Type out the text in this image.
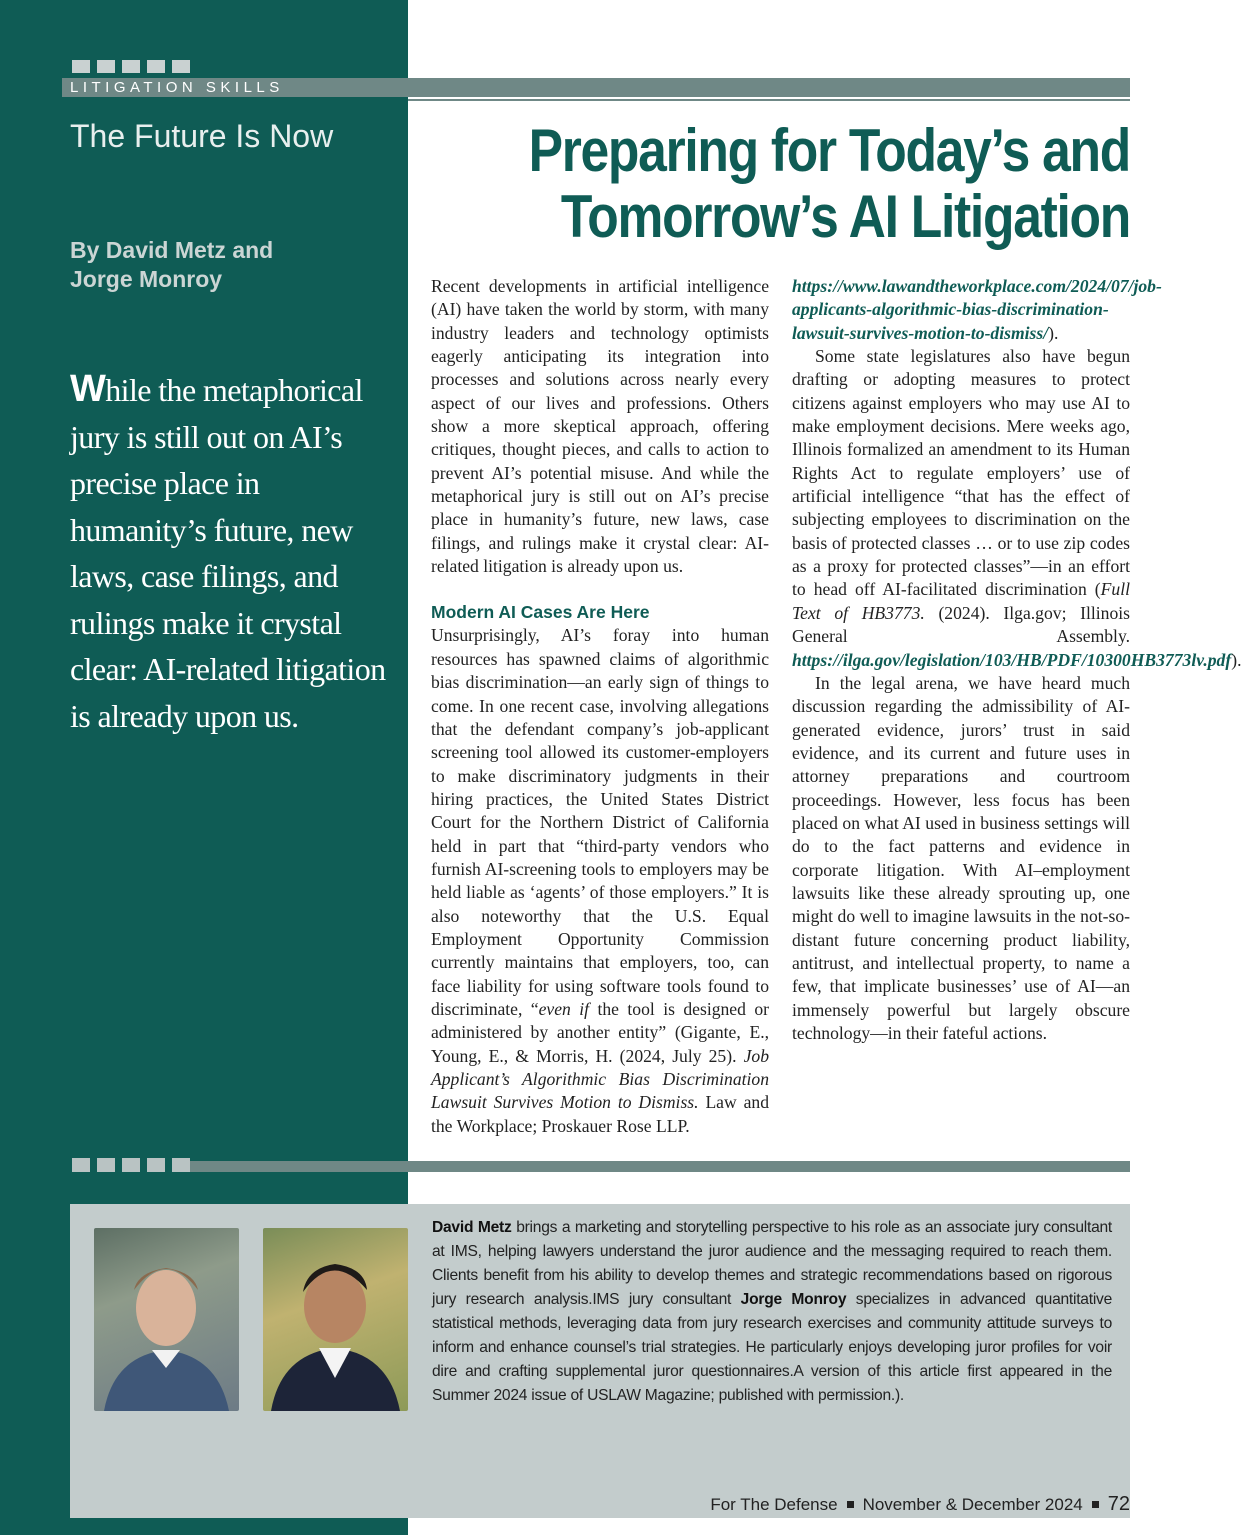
LITIGATION SKILLS
The Future Is Now
By David Metz and
Jorge Monroy
While the metaphorical jury is still out on AI’s precise place in humanity’s future, new laws, case filings, and rulings make it crystal clear: AI-related litigation is already upon us.
Preparing for Today’s and
Tomorrow’s AI Litigation

Recent developments in artificial intelligence (AI) have taken the world by storm, with many industry leaders and technology optimists eagerly anticipating its integration into processes and solutions across nearly every aspect of our lives and professions. Others show a more skeptical approach, offering critiques, thought pieces, and calls to action to prevent AI’s potential misuse. And while the metaphorical jury is still out on AI’s precise place in humanity’s future, new laws, case filings, and rulings make it crystal clear: AI-related litigation is already upon us.

Modern AI Cases Are Here

Unsurprisingly, AI’s foray into human resources has spawned claims of algorithmic bias discrimination—an early sign of things to come. In one recent case, involving allegations that the defendant company’s job-applicant screening tool allowed its customer-employers to make discriminatory judgments in their hiring practices, the United States District Court for the Northern District of California held in part that “third-party vendors who furnish AI-screening tools to employers may be held liable as ‘agents’ of those employers.” It is also noteworthy that the U.S. Equal Employment Opportunity Commission currently maintains that employers, too, can face liability for using software tools found to discriminate, “even if the tool is designed or administered by another entity” (Gigante, E., Young, E., & Morris, H. (2024, July 25). Job Applicant’s Algorithmic Bias Discrimination Lawsuit Survives Motion to Dismiss. Law and the Workplace; Proskauer Rose LLP.

https://www.lawandtheworkplace.com/2024/07/job-applicants-algorithmic-bias-discrimination-lawsuit-survives-motion-to-dismiss/).

Some state legislatures also have begun drafting or adopting measures to protect citizens against employers who may use AI to make employment decisions. Mere weeks ago, Illinois formalized an amendment to its Human Rights Act to regulate employers’ use of artificial intelligence “that has the effect of subjecting employees to discrimination on the basis of protected classes … or to use zip codes as a proxy for protected classes”—in an effort to head off AI-facilitated discrimination (Full Text of HB3773. (2024). Ilga.gov; Illinois General Assembly. https://ilga.gov/legislation/103/HB/PDF/10300HB3773lv.pdf).

In the legal arena, we have heard much discussion regarding the admissibility of AI-generated evidence, jurors’ trust in said evidence, and its current and future uses in attorney preparations and courtroom proceedings. However, less focus has been placed on what AI used in business settings will do to the fact patterns and evidence in corporate litigation. With AI–employment lawsuits like these already sprouting up, one might do well to imagine lawsuits in the not-so-distant future concerning product liability, antitrust, and intellectual property, to name a few, that implicate businesses’ use of AI—an immensely powerful but largely obscure technology—in their fateful actions.

David Metz brings a marketing and storytelling perspective to his role as an associate jury consultant at IMS, helping lawyers understand the juror audience and the messaging required to reach them. Clients benefit from his ability to develop themes and strategic recommendations based on rigorous jury research analysis.IMS jury consultant Jorge Monroy specializes in advanced quantitative statistical methods, leveraging data from jury research exercises and community attitude surveys to inform and enhance counsel’s trial strategies. He particularly enjoys developing juror profiles for voir dire and crafting supplemental juror questionnaires.A version of this article first appeared in the Summer 2024 issue of USLAW Magazine; published with permission.).
For The Defense November & December 2024 72
